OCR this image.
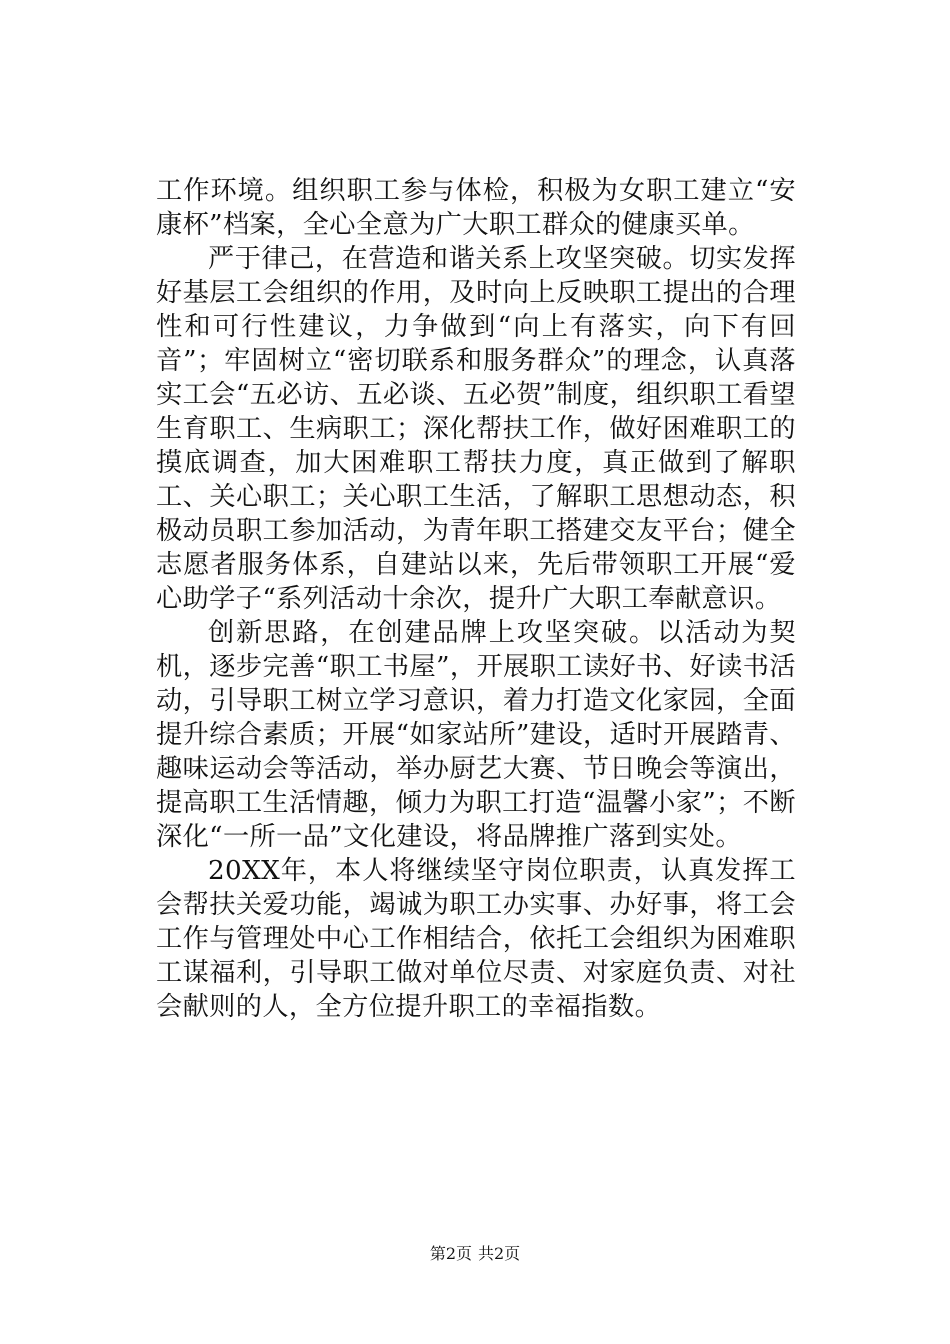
工作环境。组织职工参与体检，积极为女职工建立“安康杯”档案，全心全意为广大职工群众的健康买单。

严于律己，在营造和谐关系上攻坚突破。切实发挥好基层工会组织的作用，及时向上反映职工提出的合理性和可行性建议，力争做到“向上有落实，向下有回音”；牢固树立“密切联系和服务群众”的理念，认真落实工会“五必访、五必谈、五必贺”制度，组织职工看望生育职工、生病职工；深化帮扶工作，做好困难职工的摸底调查，加大困难职工帮扶力度，真正做到了解职工、关心职工；关心职工生活，了解职工思想动态，积极动员职工参加活动，为青年职工搭建交友平台；健全志愿者服务体系，自建站以来，先后带领职工开展“爱心助学子“系列活动十余次，提升广大职工奉献意识。

创新思路，在创建品牌上攻坚突破。以活动为契机，逐步完善“职工书屋”，开展职工读好书、好读书活动，引导职工树立学习意识，着力打造文化家园，全面提升综合素质；开展“如家站所”建设，适时开展踏青、趣味运动会等活动，举办厨艺大赛、节日晚会等演出，提高职工生活情趣，倾力为职工打造“温馨小家”；不断深化“一所一品”文化建设，将品牌推广落到实处。

20XX年，本人将继续坚守岗位职责，认真发挥工会帮扶关爱功能，竭诚为职工办实事、办好事，将工会工作与管理处中心工作相结合，依托工会组织为困难职工谋福利，引导职工做对单位尽责、对家庭负责、对社会献则的人，全方位提升职工的幸福指数。

第2页 共2页
